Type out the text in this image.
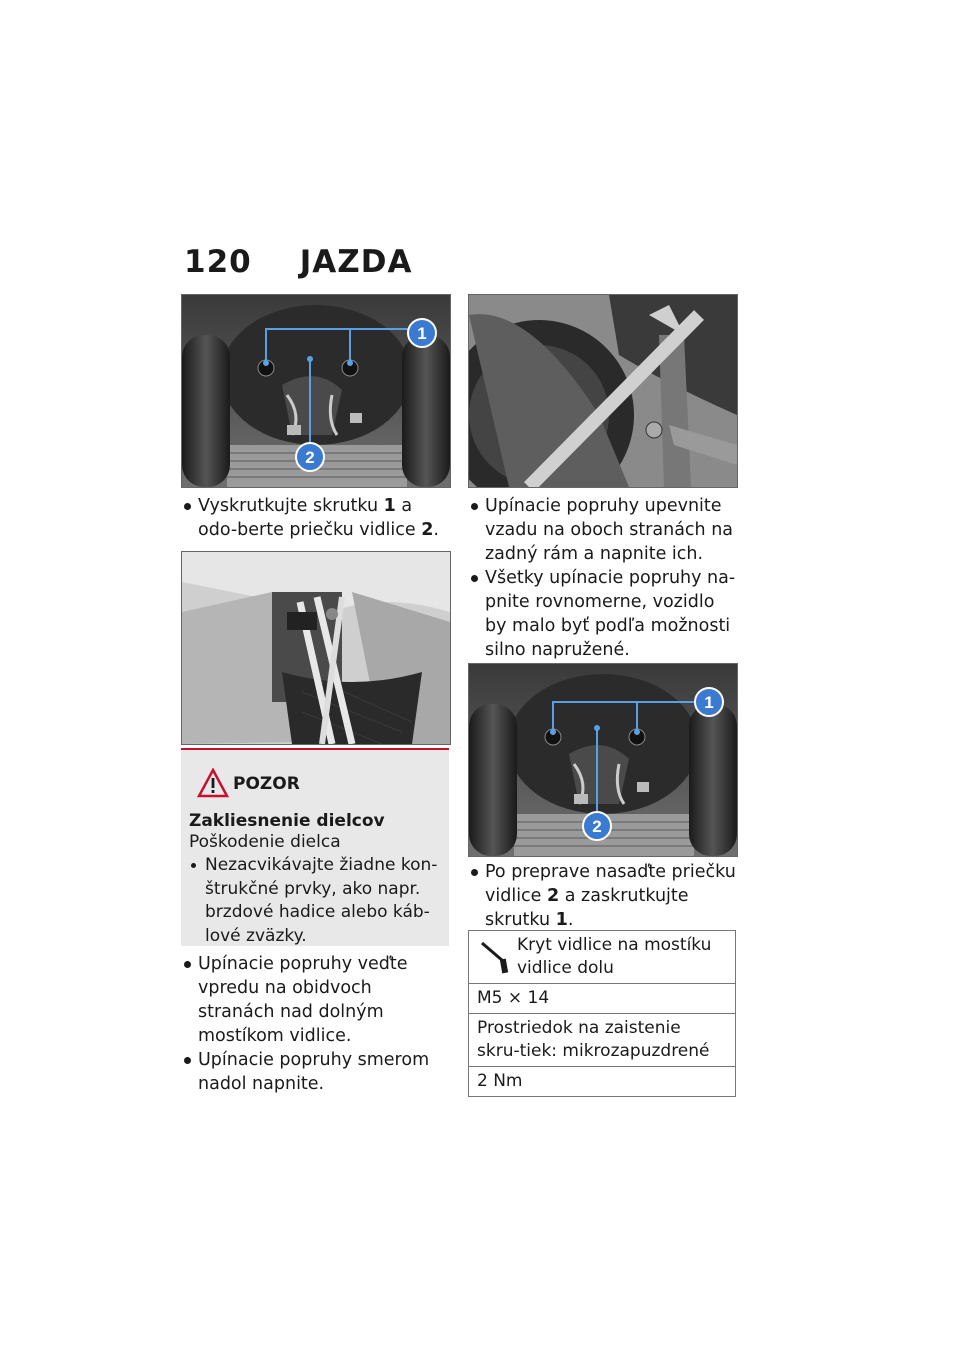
120 JAZDA
1
2
Vyskrutkujte skrutku 1 a odo-berte priečku vidlice 2.
POZOR
Zakliesnenie dielcov
Poškodenie dielca
Nezacvikávajte žiadne kon-štrukčné prvky, ako napr. brzdové hadice alebo káb-lové zväzky.
Upínacie popruhy veďte vpredu na obidvoch stranách nad dolným mostíkom vidlice.
Upínacie popruhy smerom nadol napnite.
Upínacie popruhy upevnite vzadu na oboch stranách na zadný rám a napnite ich.
Všetky upínacie popruhy na-pnite rovnomerne, vozidlo by malo byť podľa možnosti silno napružené.
1
2
Po preprave nasaďte priečku vidlice 2 a zaskrutkujte skrutku 1.
Kryt vidlice na mostíku vidlice dolu
M5 × 14
Prostriedok na zaistenie skru-tiek: mikrozapuzdrené
2 Nm
